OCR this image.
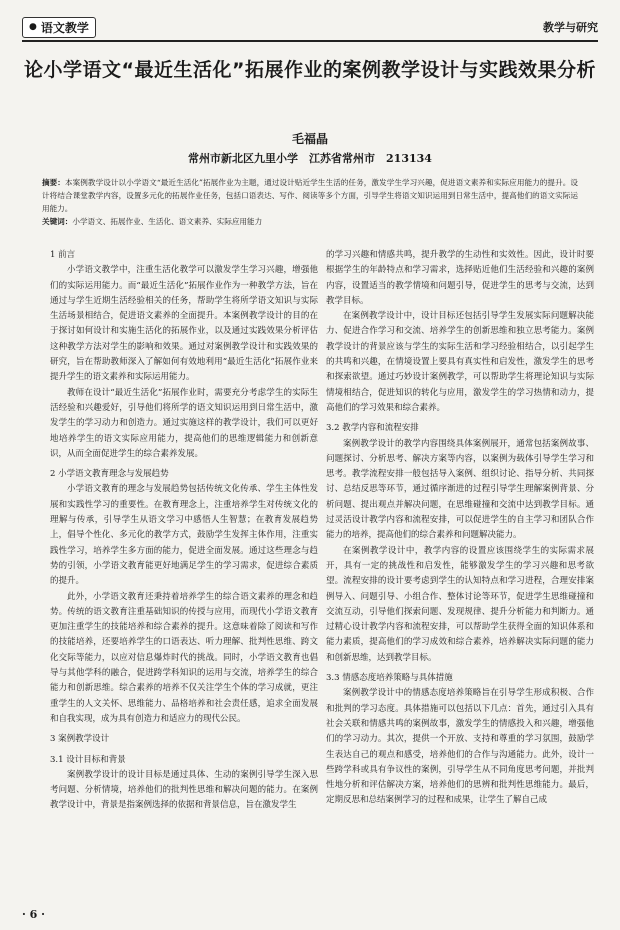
● 语文教学	教学与研究
论小学语文“最近生活化”拓展作业的案例教学设计与实践效果分析
毛福晶
常州市新北区九里小学　江苏省常州市　213134

摘要：本案例教学设计以小学语文“最近生活化”拓展作业为主题，通过设计贴近学生生活的任务，激发学生学习兴趣，促进语文素养和实际应用能力的提升。设计将结合课堂教学内容，设置多元化的拓展作业任务，包括口语表达、写作、阅读等多个方面，引导学生将语文知识运用到日常生活中，提高他们的语文实际运用能力。

关键词：小学语文、拓展作业、生活化、语文素养、实际应用能力

1 前言

小学语文教学中，注重生活化教学可以激发学生学习兴趣，增强他们的实际运用能力。而“最近生活化”拓展作业作为一种教学方法，旨在通过与学生近期生活经验相关的任务，帮助学生将所学语文知识与实际生活场景相结合，促进语文素养的全面提升。本案例教学设计的目的在于探讨如何设计和实施生活化的拓展作业，以及通过实践效果分析评估这种教学方法对学生的影响和效果。通过对案例教学设计和实践效果的研究，旨在帮助教师深入了解如何有效地利用“最近生活化”拓展作业来提升学生的语文素养和实际运用能力。

教师在设计“最近生活化”拓展作业时，需要充分考虑学生的实际生活经验和兴趣爱好，引导他们将所学的语文知识运用到日常生活中，激发学生的学习动力和创造力。通过实施这样的教学设计，我们可以更好地培养学生的语文实际应用能力，提高他们的思维逻辑能力和创新意识，从而全面促进学生的综合素养发展。

2 小学语文教育理念与发展趋势

小学语文教育的理念与发展趋势包括传统文化传承、学生主体性发展和实践性学习的重要性。在教育理念上，注重培养学生对传统文化的理解与传承，引导学生从语文学习中感悟人生智慧；在教育发展趋势上，倡导个性化、多元化的教学方式，鼓励学生发挥主体作用，注重实践性学习，培养学生多方面的能力，促进全面发展。通过这些理念与趋势的引领，小学语文教育能更好地满足学生的学习需求，促进综合素质的提升。

此外，小学语文教育还秉持着培养学生的综合语文素养的理念和趋势。传统的语文教育注重基础知识的传授与应用，而现代小学语文教育更加注重学生的技能培养和综合素养的提升。这意味着除了阅读和写作的技能培养，还要培养学生的口语表达、听力理解、批判性思维、跨文化交际等能力，以应对信息爆炸时代的挑战。同时，小学语文教育也倡导与其他学科的融合，促进跨学科知识的运用与交流，培养学生的综合能力和创新思维。综合素养的培养不仅关注学生个体的学习成就，更注重学生的人文关怀、思维能力、品格培养和社会责任感，追求全面发展和自我实现，成为具有创造力和适应力的现代公民。

3 案例教学设计
3.1 设计目标和背景

案例教学设计的设计目标是通过具体、生动的案例引导学生深入思考问题、分析情境，培养他们的批判性思维和解决问题的能力。在案例教学设计中，背景是指案例选择的依据和背景信息，旨在激发学生

的学习兴趣和情感共鸣，提升教学的生动性和实效性。因此，设计时要根据学生的年龄特点和学习需求，选择贴近他们生活经验和兴趣的案例内容，设置适当的教学情境和问题引导，促进学生的思考与交流，达到教学目标。

在案例教学设计中，设计目标还包括引导学生发展实际问题解决能力、促进合作学习和交流、培养学生的创新思维和独立思考能力。案例教学设计的背景应该与学生的实际生活和学习经验相结合，以引起学生的共鸣和兴趣，在情境设置上要具有真实性和启发性，激发学生的思考和探索欲望。通过巧妙设计案例教学，可以帮助学生将理论知识与实际情境相结合，促进知识的转化与应用，激发学生的学习热情和动力，提高他们的学习效果和综合素养。

3.2 教学内容和流程安排

案例教学设计的教学内容围绕具体案例展开，通常包括案例故事、问题探讨、分析思考、解决方案等内容，以案例为载体引导学生学习和思考。教学流程安排一般包括导入案例、组织讨论、指导分析、共同探讨、总结反思等环节，通过循序渐进的过程引导学生理解案例背景、分析问题、提出观点并解决问题，在思维碰撞和交流中达到教学目标。通过灵活设计教学内容和流程安排，可以促进学生的自主学习和团队合作能力的培养，提高他们的综合素养和问题解决能力。

在案例教学设计中，教学内容的设置应该围绕学生的实际需求展开，具有一定的挑战性和启发性，能够激发学生的学习兴趣和思考欲望。流程安排的设计要考虑到学生的认知特点和学习进程，合理安排案例导入、问题引导、小组合作、整体讨论等环节，促进学生思维碰撞和交流互动，引导他们探索问题、发现规律、提升分析能力和判断力。通过精心设计教学内容和流程安排，可以帮助学生获得全面的知识体系和能力素质，提高他们的学习成效和综合素养，培养解决实际问题的能力和创新思维，达到教学目标。

3.3 情感态度培养策略与具体措施

案例教学设计中的情感态度培养策略旨在引导学生形成积极、合作和批判的学习态度。具体措施可以包括以下几点：首先，通过引入具有社会关联和情感共鸣的案例故事，激发学生的情感投入和兴趣，增强他们的学习动力。其次，提供一个开放、支持和尊重的学习氛围，鼓励学生表达自己的观点和感受，培养他们的合作与沟通能力。此外，设计一些跨学科或具有争议性的案例，引导学生从不同角度思考问题，并批判性地分析和评估解决方案，培养他们的思辨和批判性思维能力。最后，定期反思和总结案例学习的过程和成果，让学生了解自己成

· 6 ·
